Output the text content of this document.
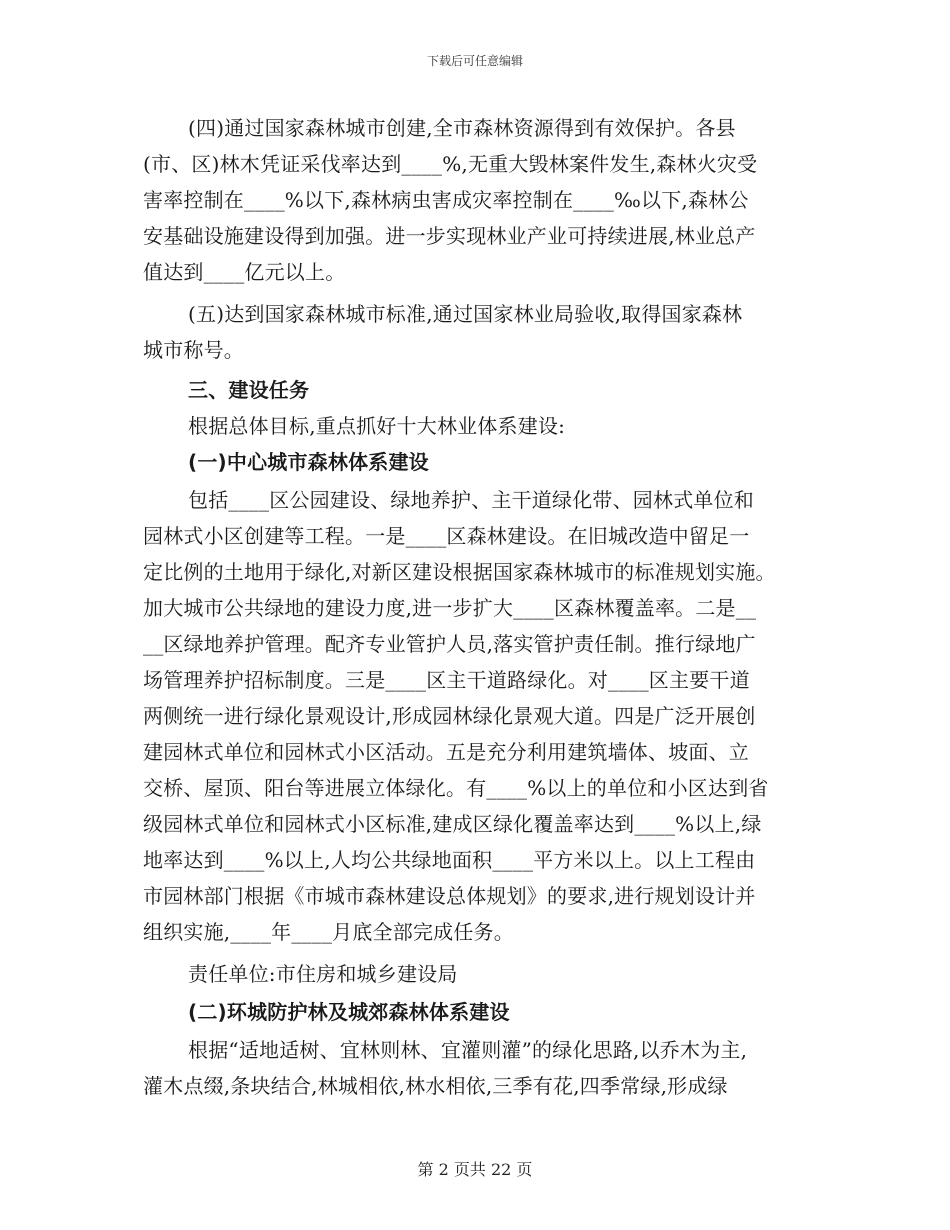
下载后可任意编辑
(四)通过国家森林城市创建,全市森林资源得到有效保护。各县
(市、区)林木凭证采伐率达到____%,无重大毁林案件发生,森林火灾受
害率控制在____%以下,森林病虫害成灾率控制在____‰以下,森林公
安基础设施建设得到加强。进一步实现林业产业可持续进展,林业总产
值达到____亿元以上。
(五)达到国家森林城市标准,通过国家林业局验收,取得国家森林
城市称号。
三、建设任务
根据总体目标,重点抓好十大林业体系建设:
(一)中心城市森林体系建设
包括____区公园建设、绿地养护、主干道绿化带、园林式单位和
园林式小区创建等工程。一是____区森林建设。在旧城改造中留足一
定比例的土地用于绿化,对新区建设根据国家森林城市的标准规划实施。
加大城市公共绿地的建设力度,进一步扩大____区森林覆盖率。二是__
__区绿地养护管理。配齐专业管护人员,落实管护责任制。推行绿地广
场管理养护招标制度。三是____区主干道路绿化。对____区主要干道
两侧统一进行绿化景观设计,形成园林绿化景观大道。四是广泛开展创
建园林式单位和园林式小区活动。五是充分利用建筑墙体、坡面、立
交桥、屋顶、阳台等进展立体绿化。有____%以上的单位和小区达到省
级园林式单位和园林式小区标准,建成区绿化覆盖率达到____%以上,绿
地率达到____%以上,人均公共绿地面积____平方米以上。以上工程由
市园林部门根据《市城市森林建设总体规划》的要求,进行规划设计并
组织实施,____年____月底全部完成任务。
责任单位:市住房和城乡建设局
(二)环城防护林及城郊森林体系建设
根据“适地适树、宜林则林、宜灌则灌”的绿化思路,以乔木为主,
灌木点缀,条块结合,林城相依,林水相依,三季有花,四季常绿,形成绿
第 2 页共 22 页
